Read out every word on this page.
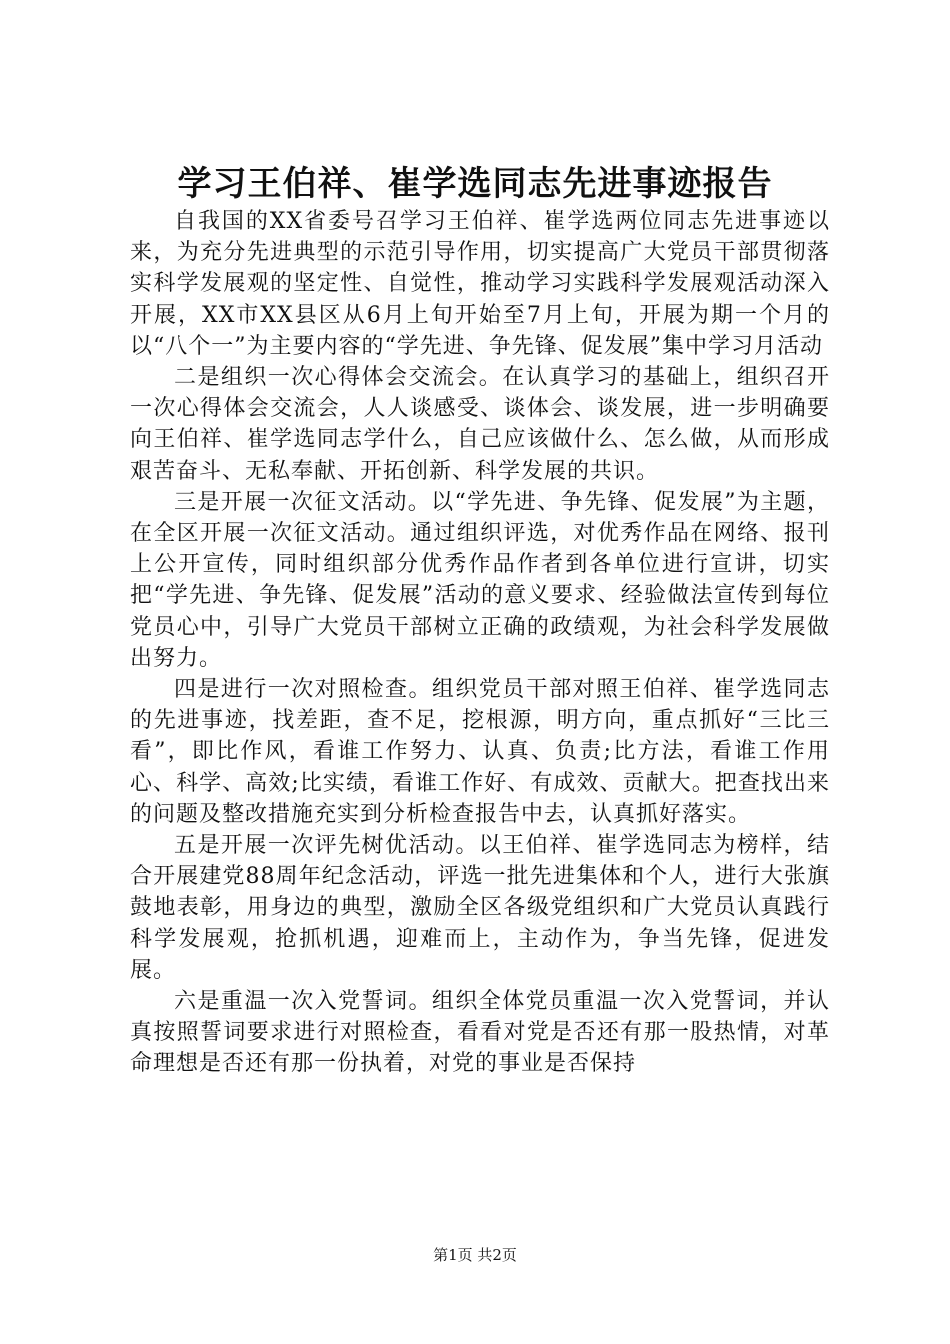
学习王伯祥、崔学选同志先进事迹报告

自我国的XX省委号召学习王伯祥、崔学选两位同志先进事迹以来，为充分先进典型的示范引导作用，切实提高广大党员干部贯彻落实科学发展观的坚定性、自觉性，推动学习实践科学发展观活动深入开展，XX市XX县区从6月上旬开始至7月上旬，开展为期一个月的以“八个一”为主要内容的“学先进、争先锋、促发展”集中学习月活动

二是组织一次心得体会交流会。在认真学习的基础上，组织召开一次心得体会交流会，人人谈感受、谈体会、谈发展，进一步明确要向王伯祥、崔学选同志学什么，自己应该做什么、怎么做，从而形成艰苦奋斗、无私奉献、开拓创新、科学发展的共识。

三是开展一次征文活动。以“学先进、争先锋、促发展”为主题，在全区开展一次征文活动。通过组织评选，对优秀作品在网络、报刊上公开宣传，同时组织部分优秀作品作者到各单位进行宣讲，切实把“学先进、争先锋、促发展”活动的意义要求、经验做法宣传到每位党员心中，引导广大党员干部树立正确的政绩观，为社会科学发展做出努力。

四是进行一次对照检查。组织党员干部对照王伯祥、崔学选同志的先进事迹，找差距，查不足，挖根源，明方向，重点抓好“三比三看”，即比作风，看谁工作努力、认真、负责;比方法，看谁工作用心、科学、高效;比实绩，看谁工作好、有成效、贡献大。把查找出来的问题及整改措施充实到分析检查报告中去，认真抓好落实。

五是开展一次评先树优活动。以王伯祥、崔学选同志为榜样，结合开展建党88周年纪念活动，评选一批先进集体和个人，进行大张旗鼓地表彰，用身边的典型，激励全区各级党组织和广大党员认真践行科学发展观，抢抓机遇，迎难而上，主动作为，争当先锋，促进发展。

六是重温一次入党誓词。组织全体党员重温一次入党誓词，并认真按照誓词要求进行对照检查，看看对党是否还有那一股热情，对革命理想是否还有那一份执着，对党的事业是否保持

第1页 共2页
